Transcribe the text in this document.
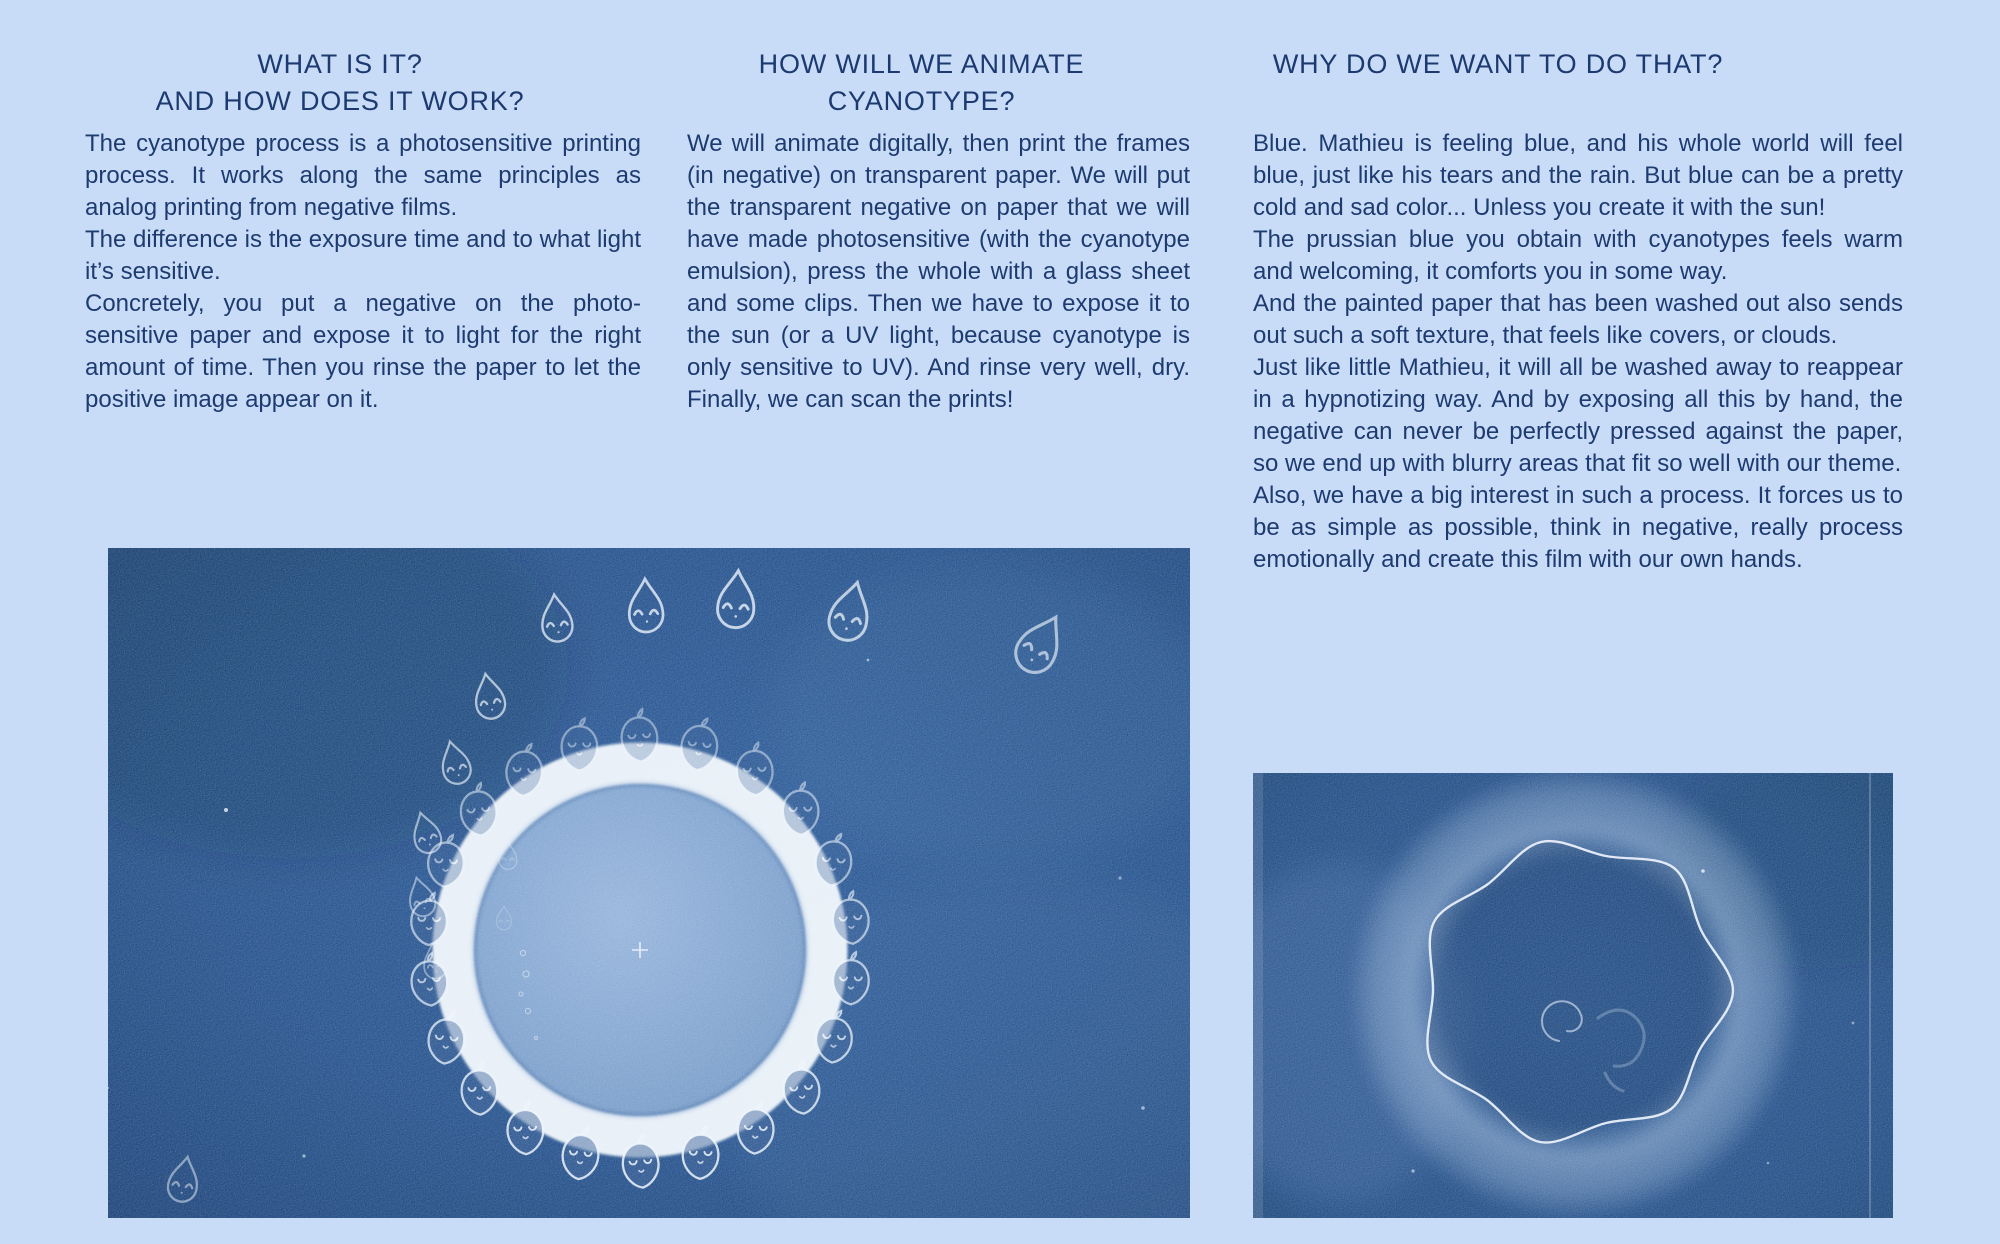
WHAT IS IT?
AND HOW DOES IT WORK?

The cyanotype process is a photosensitive printing process. It works along the same principles as analog printing from negative films.

The difference is the exposure time and to what light it’s sensitive.

Concretely, you put a negative on the photo-sensitive paper and expose it to light for the right amount of time. Then you rinse the paper to let the positive image appear on it.

HOW WILL WE ANIMATE
CYANOTYPE?

We will animate digitally, then print the frames (in negative) on transparent paper. We will put the transparent negative on paper that we will have made photosensitive (with the cyanotype emulsion), press the whole with a glass sheet and some clips. Then we have to expose it to the sun (or a UV light, because cyanotype is only sensitive to UV). And rinse very well, dry. Finally, we can scan the prints!

WHY DO WE WANT TO DO THAT?

Blue. Mathieu is feeling blue, and his whole world will feel blue, just like his tears and the rain. But blue can be a pretty cold and sad color... Unless you create it with the sun!

The prussian blue you obtain with cyanotypes feels warm and welcoming, it comforts you in some way.

And the painted paper that has been washed out also sends out such a soft texture, that feels like covers, or clouds.

Just like little Mathieu, it will all be washed away to reappear in a hypnotizing way. And by exposing all this by hand, the negative can never be perfectly pressed against the paper, so we end up with blurry areas that fit so well with our theme.

Also, we have a big interest in such a process. It forces us to be as simple as possible, think in negative, really process emotionally and create this film with our own hands.
